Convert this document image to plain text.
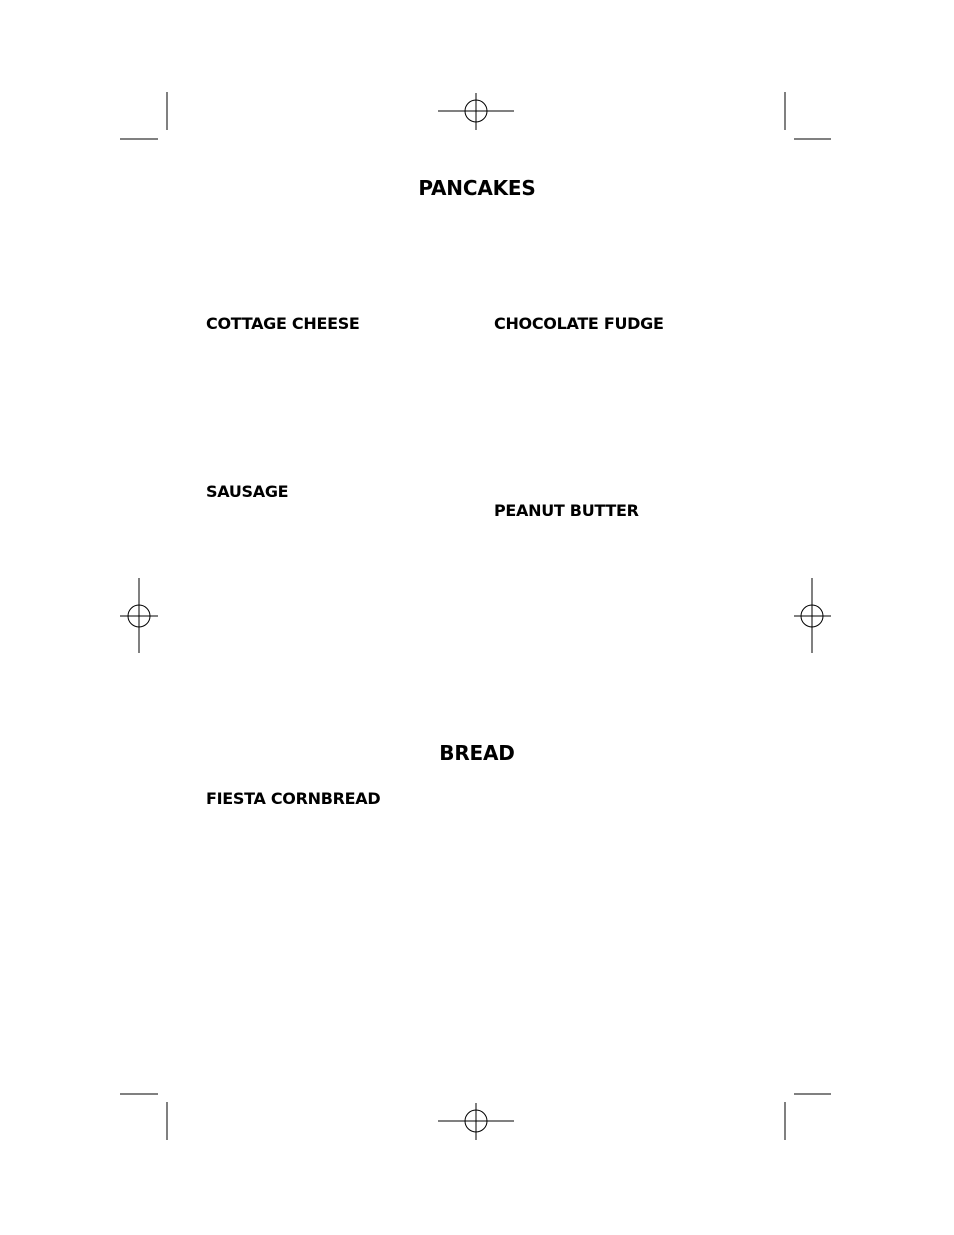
PANCAKES
COTTAGE CHEESE	CHOCOLATE FUDGE
SAUSAGE
PEANUT BUTTER
BREAD
FIESTA CORNBREAD
